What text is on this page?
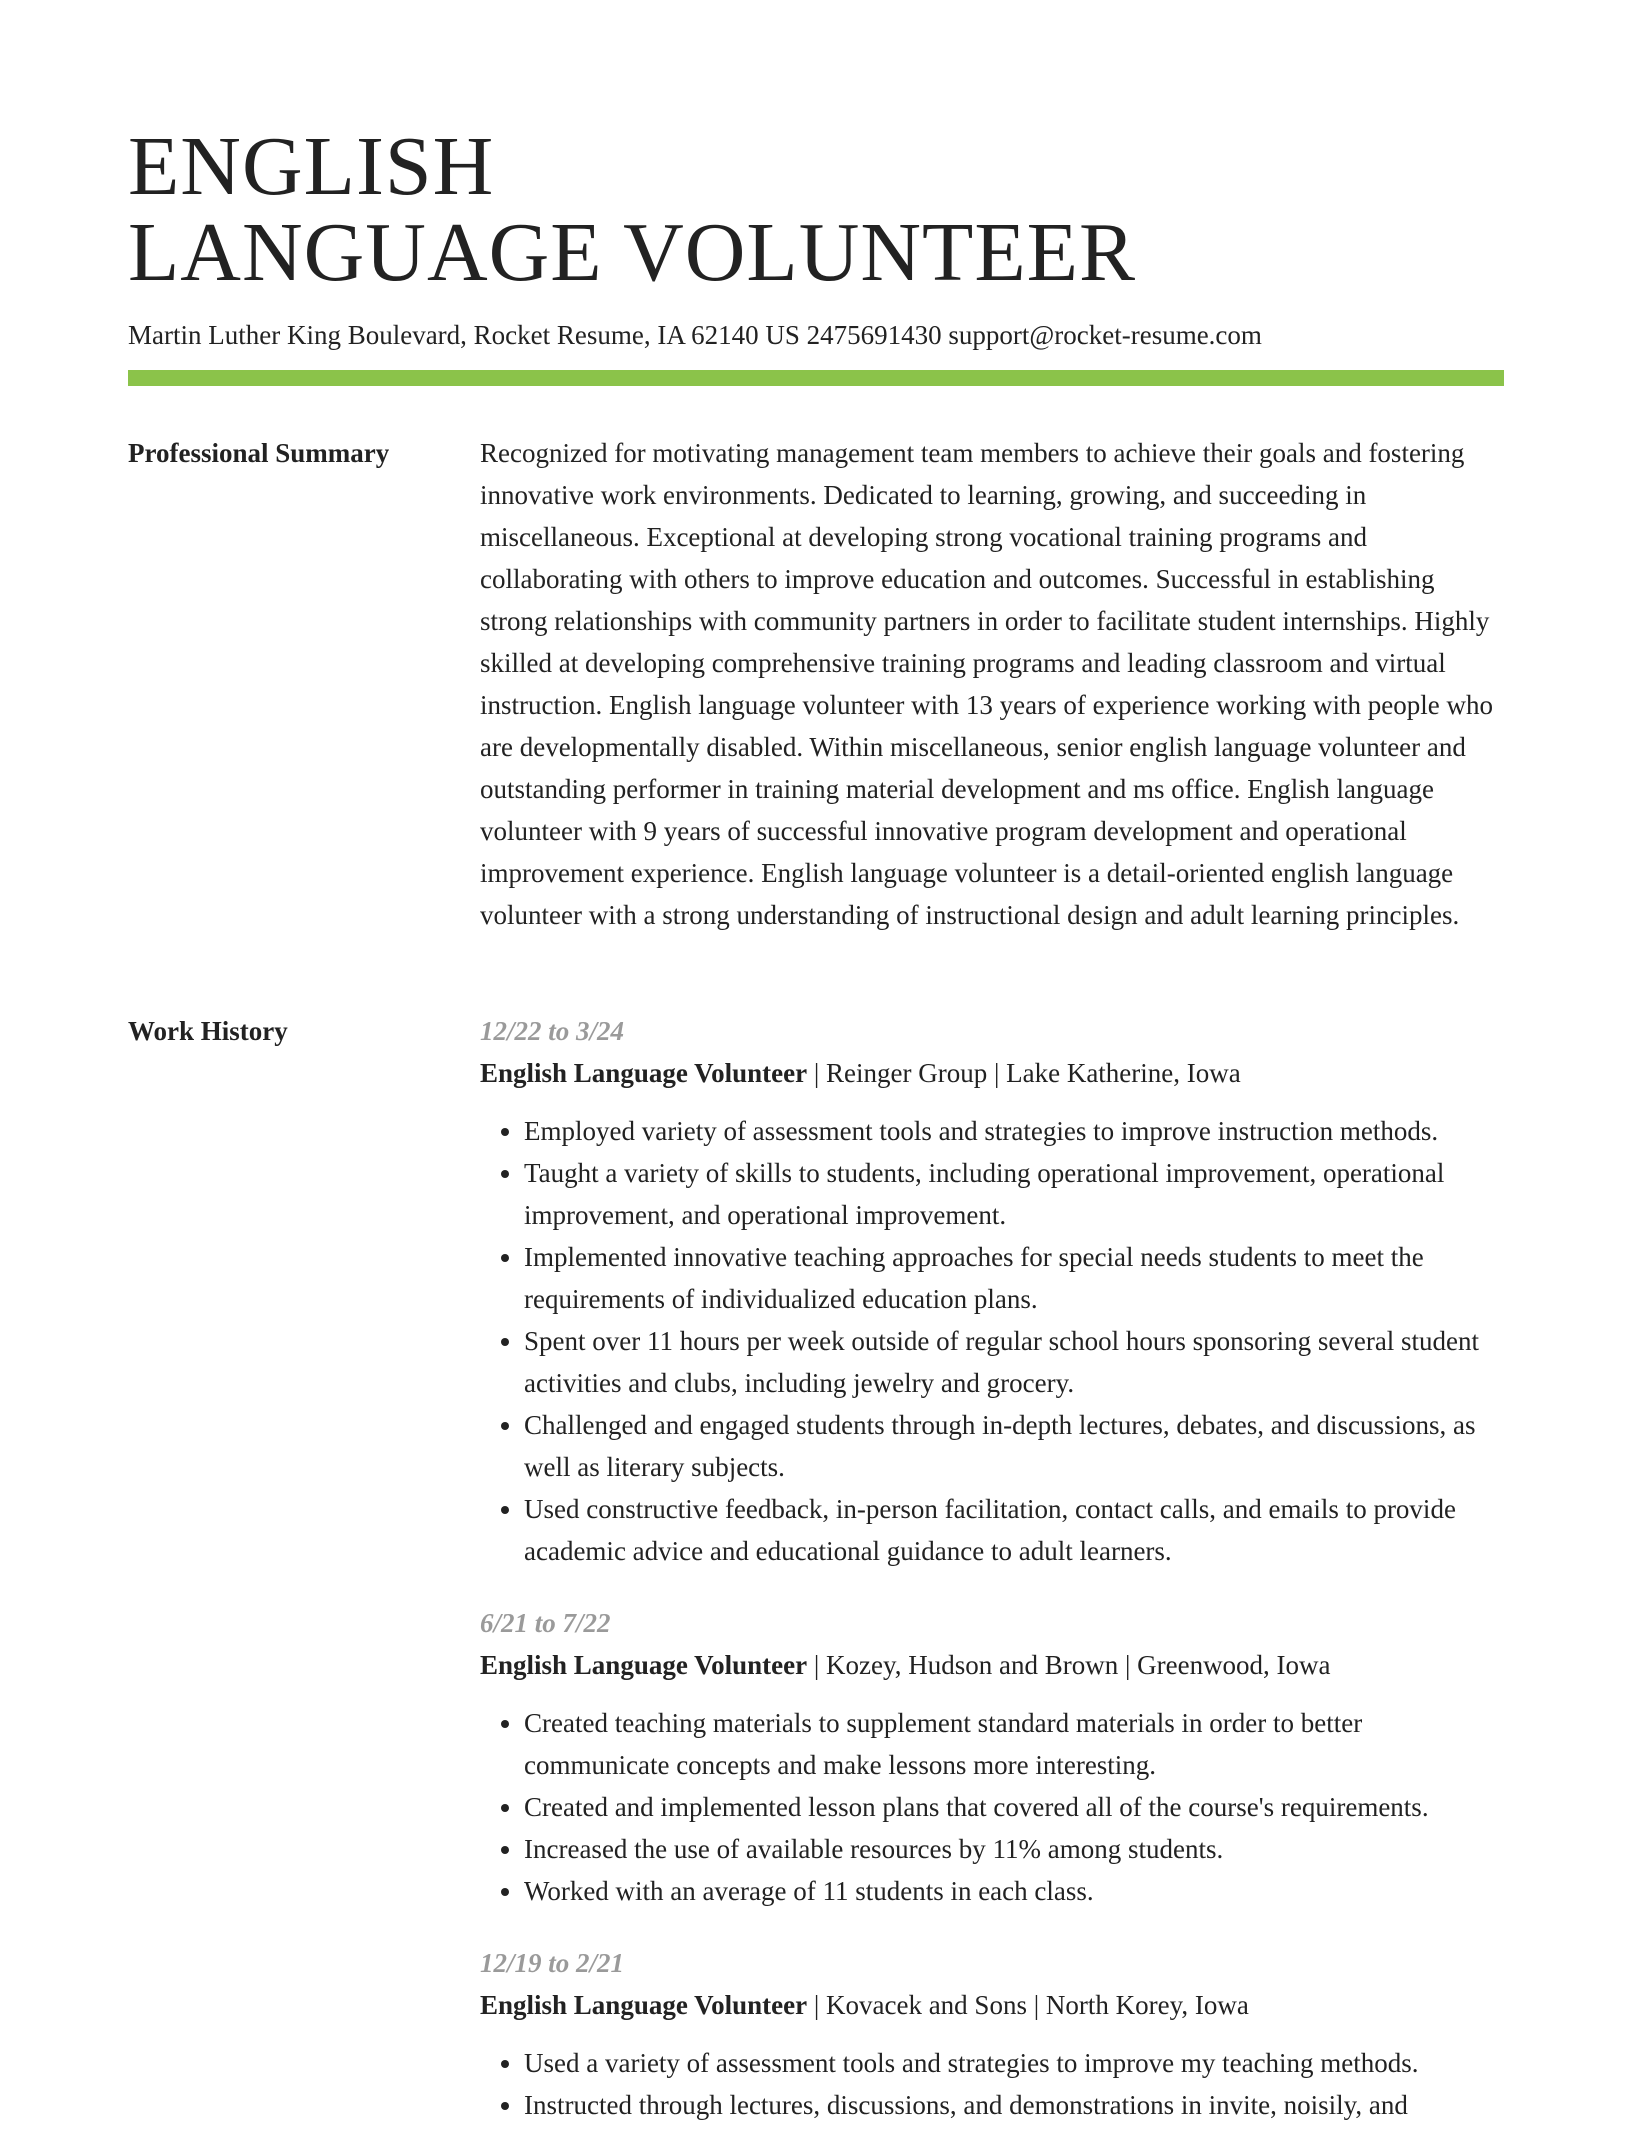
ENGLISH
LANGUAGE VOLUNTEER
Martin Luther King Boulevard, Rocket Resume, IA 62140 US 2475691430 support@rocket-resume.com
Professional Summary	Recognized for motivating management team members to achieve their goals and fostering innovative work environments. Dedicated to learning, growing, and succeeding in miscellaneous. Exceptional at developing strong vocational training programs and collaborating with others to improve education and outcomes. Successful in establishing strong relationships with community partners in order to facilitate student internships. Highly skilled at developing comprehensive training programs and leading classroom and virtual instruction. English language volunteer with 13 years of experience working with people who are developmentally disabled. Within miscellaneous, senior english language volunteer and outstanding performer in training material development and ms office. English language volunteer with 9 years of successful innovative program development and operational improvement experience. English language volunteer is a detail-oriented english language volunteer with a strong understanding of instructional design and adult learning principles.

Work History	12/22 to 3/24
English Language Volunteer | Reinger Group | Lake Katherine, Iowa
• Employed variety of assessment tools and strategies to improve instruction methods.
• Taught a variety of skills to students, including operational improvement, operational improvement, and operational improvement.
• Implemented innovative teaching approaches for special needs students to meet the requirements of individualized education plans.
• Spent over 11 hours per week outside of regular school hours sponsoring several student activities and clubs, including jewelry and grocery.
• Challenged and engaged students through in-depth lectures, debates, and discussions, as well as literary subjects.
• Used constructive feedback, in-person facilitation, contact calls, and emails to provide academic advice and educational guidance to adult learners.
6/21 to 7/22
English Language Volunteer | Kozey, Hudson and Brown | Greenwood, Iowa
• Created teaching materials to supplement standard materials in order to better communicate concepts and make lessons more interesting.
• Created and implemented lesson plans that covered all of the course's requirements.
• Increased the use of available resources by 11% among students.
• Worked with an average of 11 students in each class.
12/19 to 2/21
English Language Volunteer | Kovacek and Sons | North Korey, Iowa
• Used a variety of assessment tools and strategies to improve my teaching methods.
• Instructed through lectures, discussions, and demonstrations in invite, noisily, and
